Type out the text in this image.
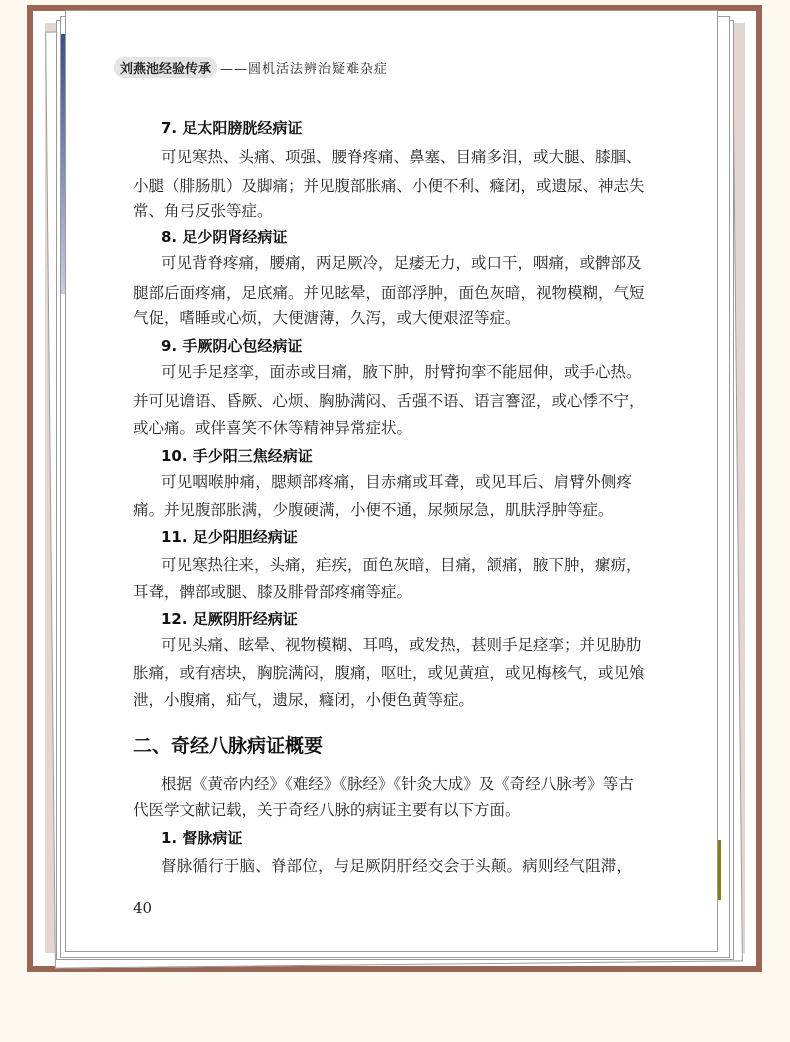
刘燕池经验传承 ——圆机活法辨治疑难杂症
7. 足太阳膀胱经病证
可见寒热、头痛、项强、腰脊疼痛、鼻塞、目痛多泪，或大腿、膝腘、
小腿（腓肠肌）及脚痛；并见腹部胀痛、小便不利、癃闭，或遗尿、神志失
常、角弓反张等症。
8. 足少阴肾经病证
可见背脊疼痛，腰痛，两足厥冷，足痿无力，或口干，咽痛，或髀部及
腿部后面疼痛，足底痛。并见眩晕，面部浮肿，面色灰暗，视物模糊，气短
气促，嗜睡或心烦，大便溏薄，久泻，或大便艰涩等症。
9. 手厥阴心包经病证
可见手足痉挛，面赤或目痛，腋下肿，肘臂拘挛不能屈伸，或手心热。
并可见谵语、昏厥、心烦、胸胁满闷、舌强不语、语言謇涩，或心悸不宁，
或心痛。或伴喜笑不休等精神异常症状。
10. 手少阳三焦经病证
可见咽喉肿痛，腮颊部疼痛，目赤痛或耳聋，或见耳后、肩臂外侧疼
痛。并见腹部胀满，少腹硬满，小便不通，尿频尿急，肌肤浮肿等症。
11. 足少阳胆经病证
可见寒热往来，头痛，疟疾，面色灰暗，目痛，颔痛，腋下肿，瘰疬，
耳聋，髀部或腿、膝及腓骨部疼痛等症。
12. 足厥阴肝经病证
可见头痛、眩晕、视物模糊、耳鸣，或发热，甚则手足痉挛；并见胁肋
胀痛，或有痞块，胸脘满闷，腹痛，呕吐，或见黄疸，或见梅核气，或见飧
泄，小腹痛，疝气，遗尿，癃闭，小便色黄等症。
二、奇经八脉病证概要
根据《黄帝内经》《难经》《脉经》《针灸大成》及《奇经八脉考》等古
代医学文献记载，关于奇经八脉的病证主要有以下方面。
1. 督脉病证
督脉循行于脑、脊部位，与足厥阴肝经交会于头颠。病则经气阻滞，
40
